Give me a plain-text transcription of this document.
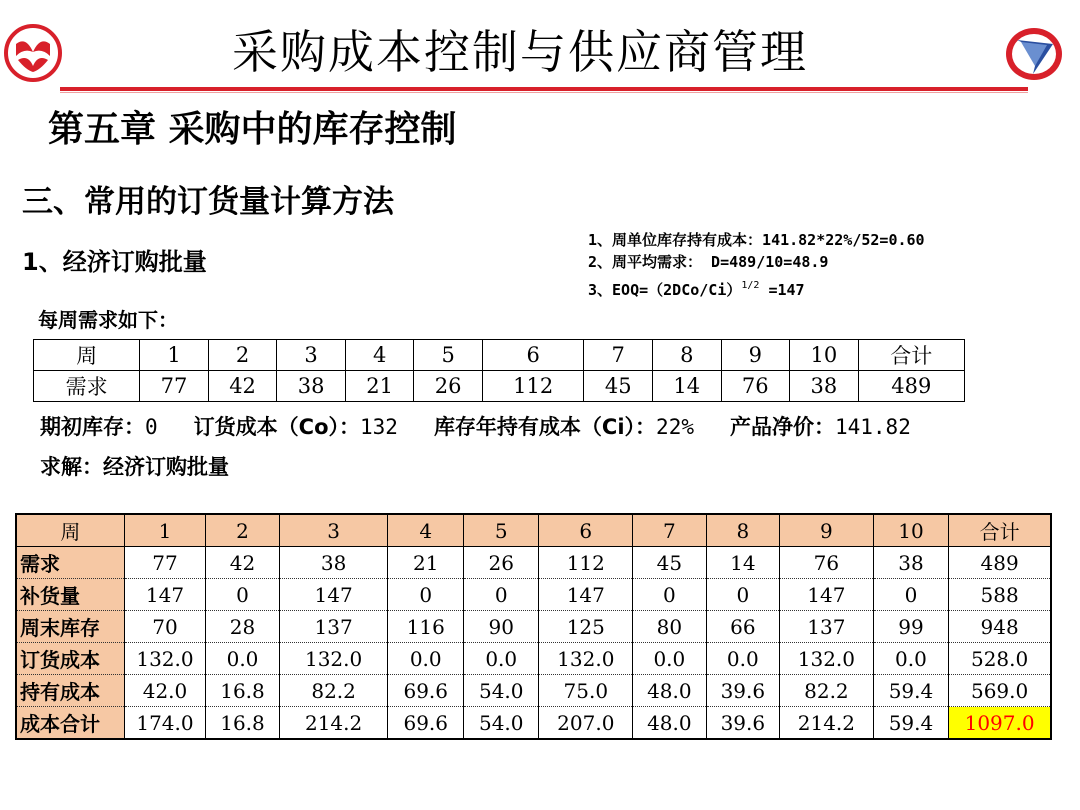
采购成本控制与供应商管理
第五章 采购中的库存控制
三、常用的订货量计算方法
1、经济订购批量
1、周单位库存持有成本：141.82*22%/52=0.60
2、周平均需求： D=489/10=48.9
3、$EOQ=(2DCo/Ci)^{1/2} =147$
每周需求如下：
周	1	2	3	4	5	6	7	8	9	10	合计
需求	77	42	38	21	26	112	45	14	76	38	489
期初库存：0 订货成本（Co）：132 库存年持有成本（Ci）：22% 产品净价：141.82
求解：经济订购批量
周	1	2	3	4	5	6	7	8	9	10	合计
需求	77	42	38	21	26	112	45	14	76	38	489
补货量	147	0	147	0	0	147	0	0	147	0	588
周末库存	70	28	137	116	90	125	80	66	137	99	948
订货成本	132.0	0.0	132.0	0.0	0.0	132.0	0.0	0.0	132.0	0.0	528.0
持有成本	42.0	16.8	82.2	69.6	54.0	75.0	48.0	39.6	82.2	59.4	569.0
成本合计	174.0	16.8	214.2	69.6	54.0	207.0	48.0	39.6	214.2	59.4	1097.0
